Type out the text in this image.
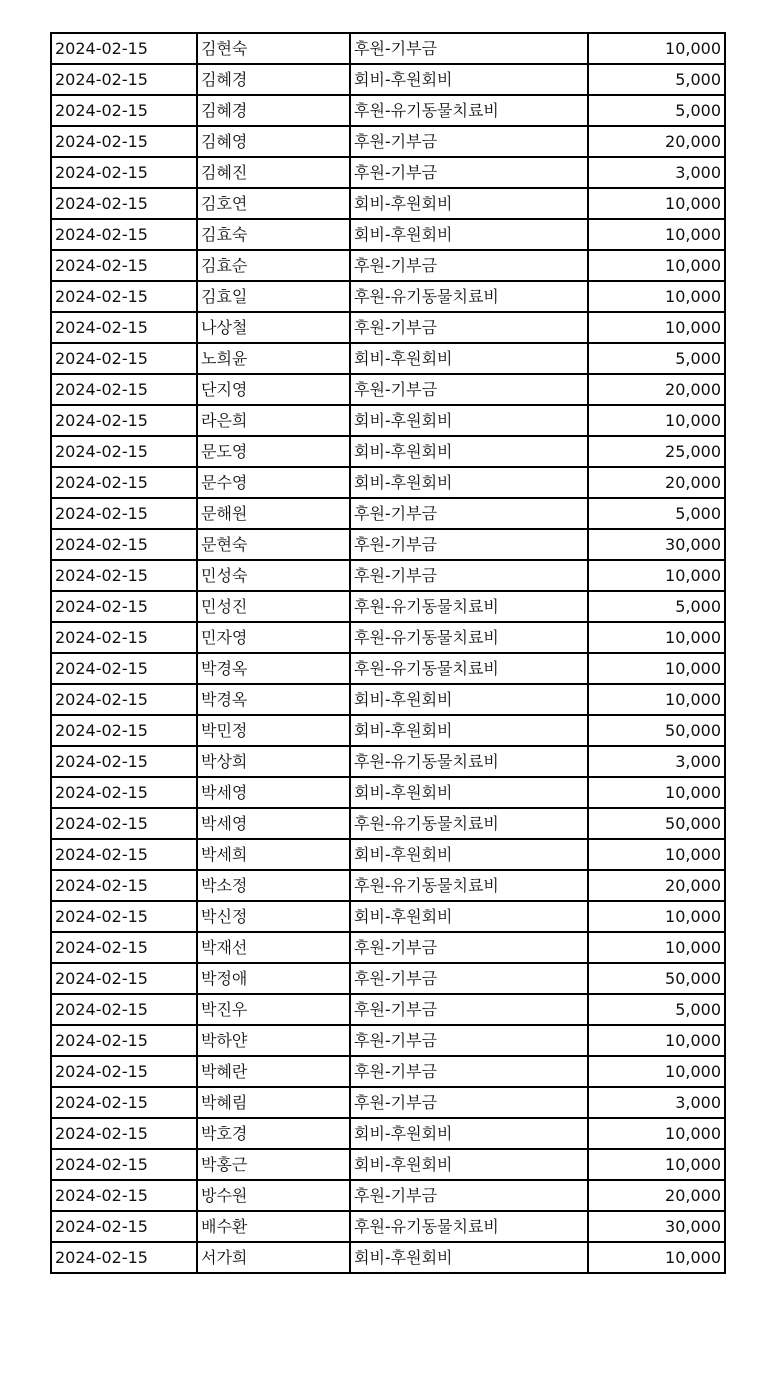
2024-02-15	김현숙	후원-기부금	10,000
2024-02-15	김혜경	회비-후원회비	5,000
2024-02-15	김혜경	후원-유기동물치료비	5,000
2024-02-15	김혜영	후원-기부금	20,000
2024-02-15	김혜진	후원-기부금	3,000
2024-02-15	김호연	회비-후원회비	10,000
2024-02-15	김효숙	회비-후원회비	10,000
2024-02-15	김효순	후원-기부금	10,000
2024-02-15	김효일	후원-유기동물치료비	10,000
2024-02-15	나상철	후원-기부금	10,000
2024-02-15	노희윤	회비-후원회비	5,000
2024-02-15	단지영	후원-기부금	20,000
2024-02-15	라은희	회비-후원회비	10,000
2024-02-15	문도영	회비-후원회비	25,000
2024-02-15	문수영	회비-후원회비	20,000
2024-02-15	문해원	후원-기부금	5,000
2024-02-15	문현숙	후원-기부금	30,000
2024-02-15	민성숙	후원-기부금	10,000
2024-02-15	민성진	후원-유기동물치료비	5,000
2024-02-15	민자영	후원-유기동물치료비	10,000
2024-02-15	박경옥	후원-유기동물치료비	10,000
2024-02-15	박경옥	회비-후원회비	10,000
2024-02-15	박민정	회비-후원회비	50,000
2024-02-15	박상희	후원-유기동물치료비	3,000
2024-02-15	박세영	회비-후원회비	10,000
2024-02-15	박세영	후원-유기동물치료비	50,000
2024-02-15	박세희	회비-후원회비	10,000
2024-02-15	박소정	후원-유기동물치료비	20,000
2024-02-15	박신정	회비-후원회비	10,000
2024-02-15	박재선	후원-기부금	10,000
2024-02-15	박정애	후원-기부금	50,000
2024-02-15	박진우	후원-기부금	5,000
2024-02-15	박하얀	후원-기부금	10,000
2024-02-15	박혜란	후원-기부금	10,000
2024-02-15	박혜림	후원-기부금	3,000
2024-02-15	박호경	회비-후원회비	10,000
2024-02-15	박홍근	회비-후원회비	10,000
2024-02-15	방수원	후원-기부금	20,000
2024-02-15	배수환	후원-유기동물치료비	30,000
2024-02-15	서가희	회비-후원회비	10,000
